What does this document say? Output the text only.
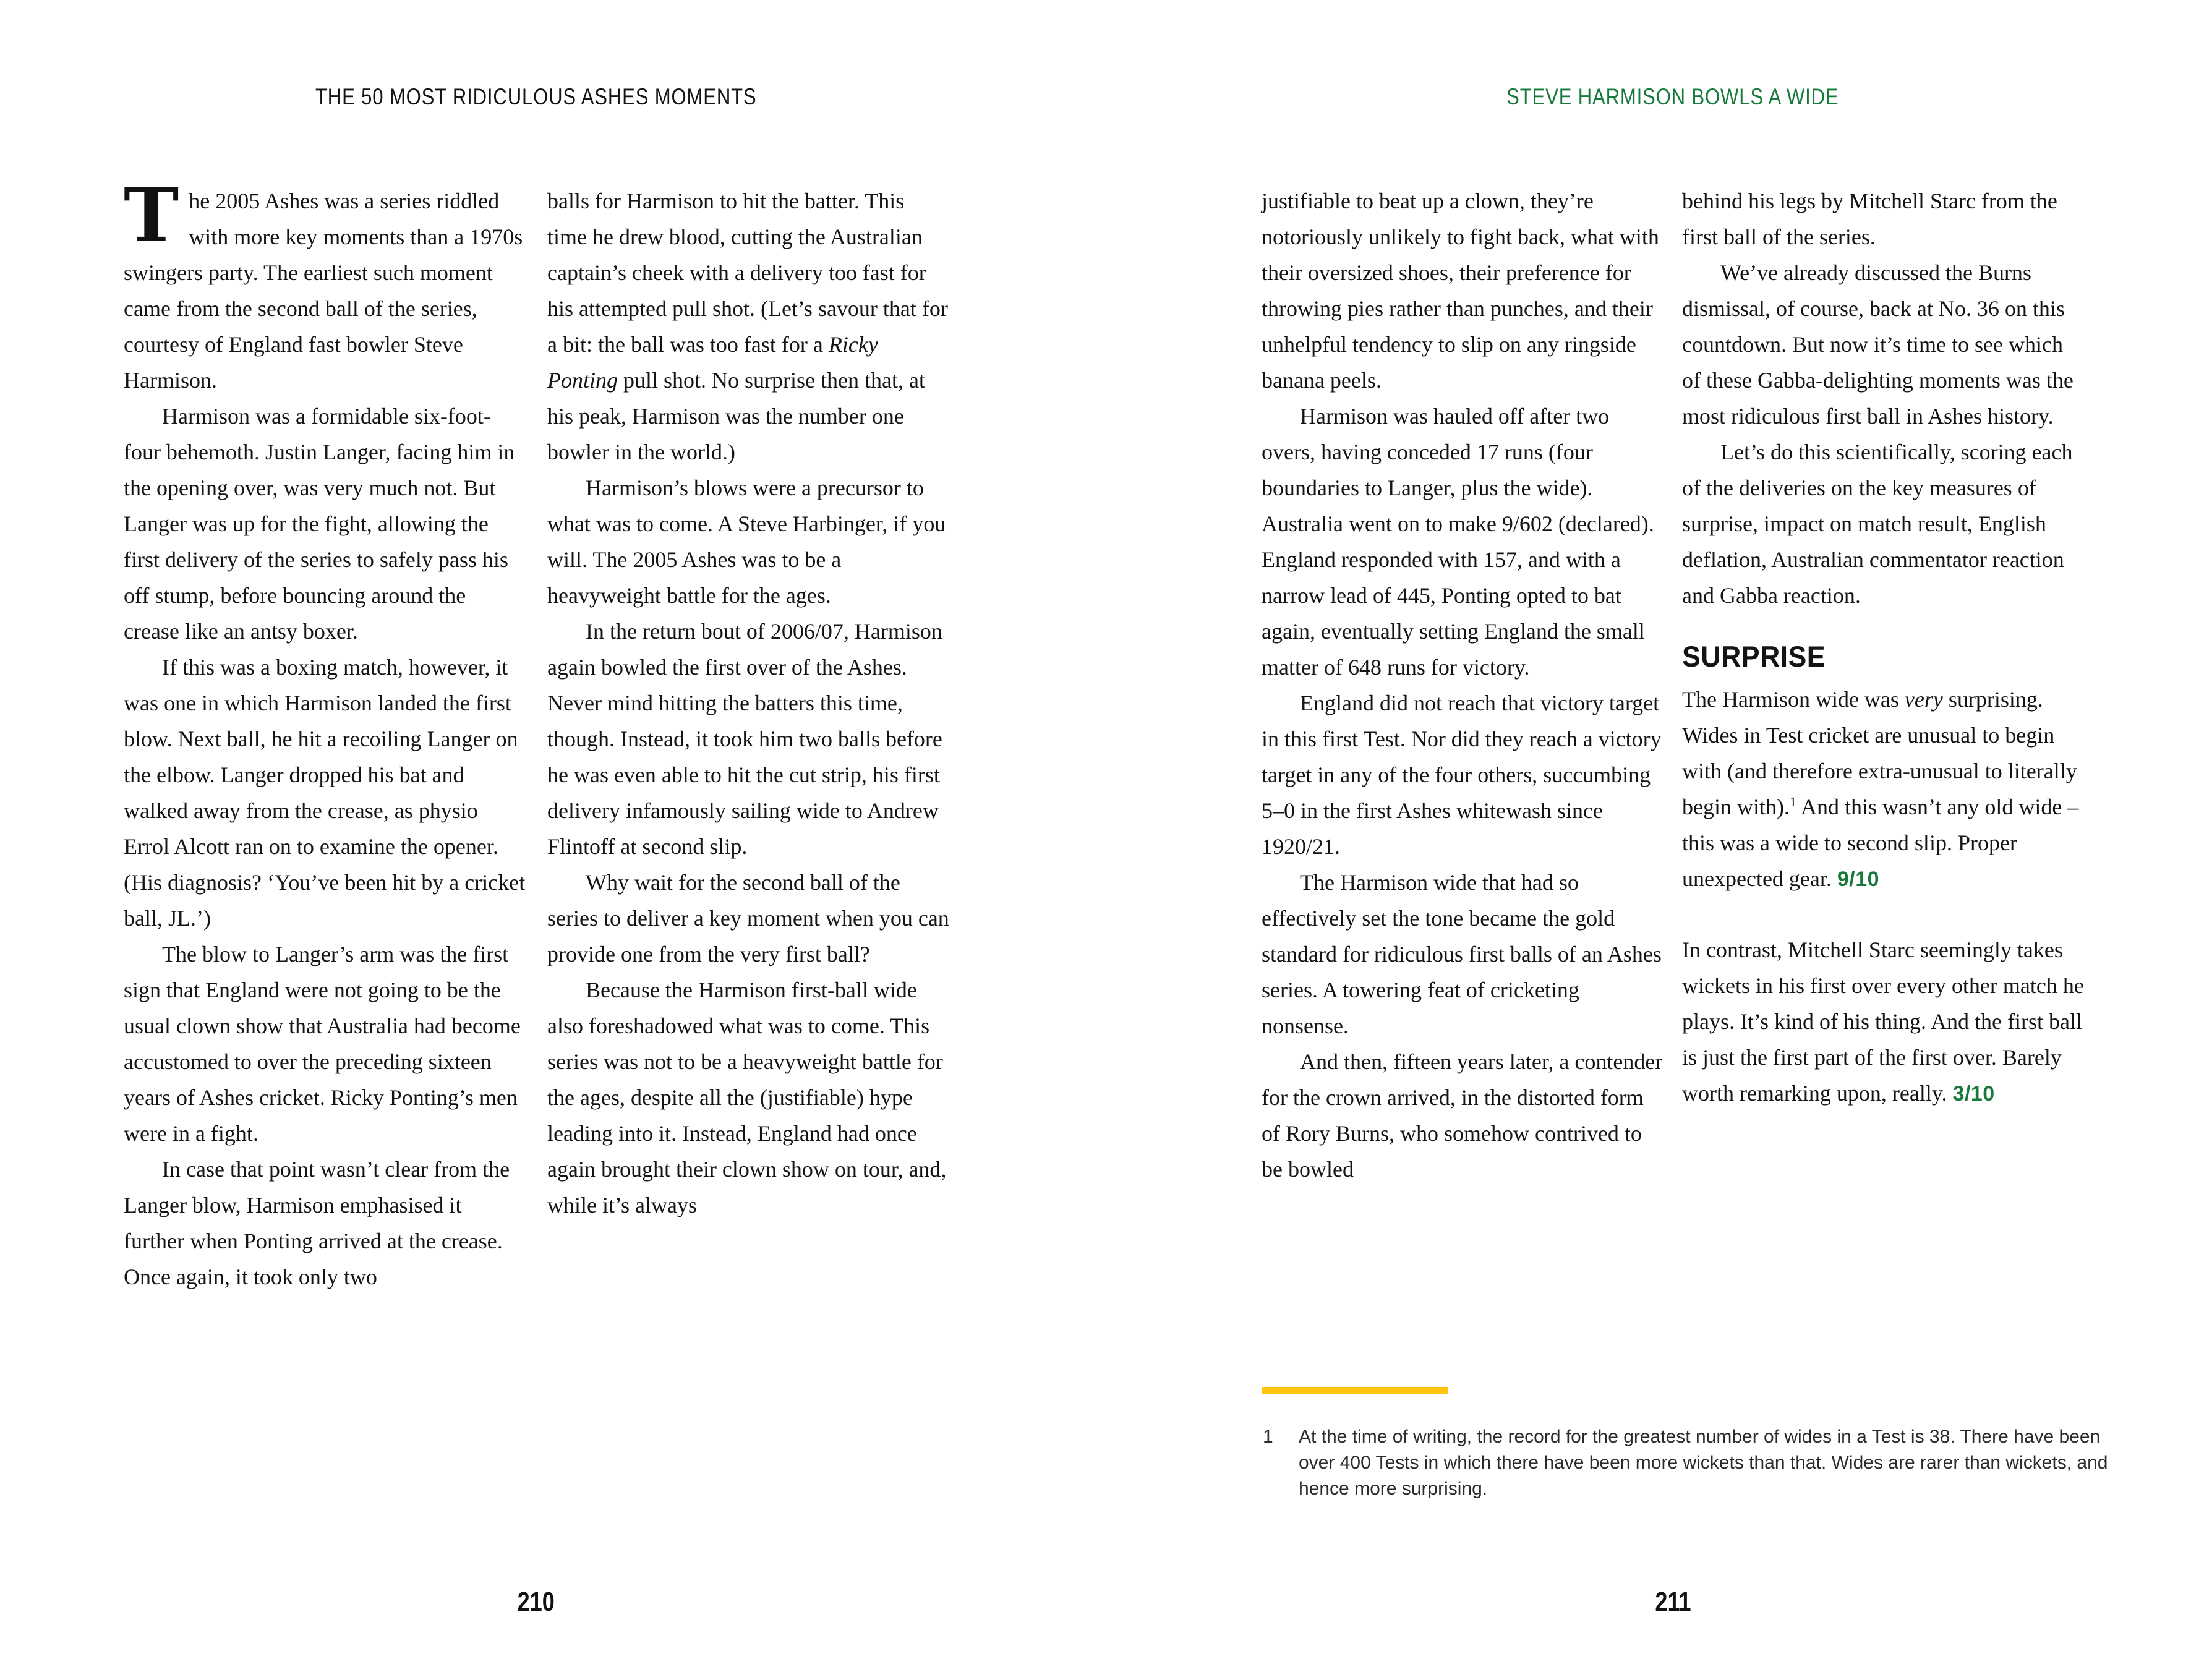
THE 50 MOST RIDICULOUS ASHES MOMENTS	STEVE HARMISON BOWLS A WIDE

The 2005 Ashes was a series riddled with more key moments than a 1970s swingers party. The earliest such moment came from the second ball of the series, courtesy of England fast bowler Steve Harmison.

Harmison was a formidable six-foot-four behemoth. Justin Langer, facing him in the opening over, was very much not. But Langer was up for the fight, allowing the first delivery of the series to safely pass his off stump, before bouncing around the crease like an antsy boxer.

If this was a boxing match, however, it was one in which Harmison landed the first blow. Next ball, he hit a recoiling Langer on the elbow. Langer dropped his bat and walked away from the crease, as physio Errol Alcott ran on to examine the opener. (His diagnosis? ‘You’ve been hit by a cricket ball, JL.’)

The blow to Langer’s arm was the first sign that England were not going to be the usual clown show that Australia had become accustomed to over the preceding sixteen years of Ashes cricket. Ricky Ponting’s men were in a fight.

In case that point wasn’t clear from the Langer blow, Harmison emphasised it further when Ponting arrived at the crease. Once again, it took only two

balls for Harmison to hit the batter. This time he drew blood, cutting the Australian captain’s cheek with a delivery too fast for his attempted pull shot. (Let’s savour that for a bit: the ball was too fast for a Ricky Ponting pull shot. No surprise then that, at his peak, Harmison was the number one bowler in the world.)

Harmison’s blows were a precursor to what was to come. A Steve Harbinger, if you will. The 2005 Ashes was to be a heavyweight battle for the ages.

In the return bout of 2006/07, Harmison again bowled the first over of the Ashes. Never mind hitting the batters this time, though. Instead, it took him two balls before he was even able to hit the cut strip, his first delivery infamously sailing wide to Andrew Flintoff at second slip.

Why wait for the second ball of the series to deliver a key moment when you can provide one from the very first ball?

Because the Harmison first-ball wide also foreshadowed what was to come. This series was not to be a heavyweight battle for the ages, despite all the (justifiable) hype leading into it. Instead, England had once again brought their clown show on tour, and, while it’s always

justifiable to beat up a clown, they’re notoriously unlikely to fight back, what with their oversized shoes, their preference for throwing pies rather than punches, and their unhelpful tendency to slip on any ringside banana peels.

Harmison was hauled off after two overs, having conceded 17 runs (four boundaries to Langer, plus the wide). Australia went on to make 9/602 (declared). England responded with 157, and with a narrow lead of 445, Ponting opted to bat again, eventually setting England the small matter of 648 runs for victory.

England did not reach that victory target in this first Test. Nor did they reach a victory target in any of the four others, succumbing 5–0 in the first Ashes whitewash since 1920/21.

The Harmison wide that had so effectively set the tone became the gold standard for ridiculous first balls of an Ashes series. A towering feat of cricketing nonsense.

And then, fifteen years later, a contender for the crown arrived, in the distorted form of Rory Burns, who somehow contrived to be bowled

behind his legs by Mitchell Starc from the first ball of the series.

We’ve already discussed the Burns dismissal, of course, back at No. 36 on this countdown. But now it’s time to see which of these Gabba-delighting moments was the most ridiculous first ball in Ashes history.

Let’s do this scientifically, scoring each of the deliveries on the key measures of surprise, impact on match result, English deflation, Australian commentator reaction and Gabba reaction.

SURPRISE

The Harmison wide was very surprising. Wides in Test cricket are unusual to begin with (and therefore extra-unusual to literally begin with).$^1$ And this wasn’t any old wide – this was a wide to second slip. Proper unexpected gear. 9/10

In contrast, Mitchell Starc seemingly takes wickets in his first over every other match he plays. It’s kind of his thing. And the first ball is just the first part of the first over. Barely worth remarking upon, really. 3/10

1	At the time of writing, the record for the greatest number of wides in a Test is 38. There have been over 400 Tests in which there have been more wickets than that. Wides are rarer than wickets, and hence more surprising.
210	211
